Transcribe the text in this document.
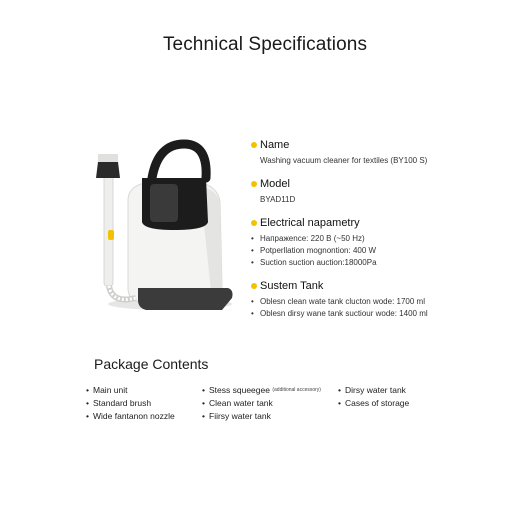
Technical Specifications
Name
Washing vacuum cleaner for textiles (BY100 S)
Model
BYAD11D
Electrical napametry
• Напрaжеnce: 220 B (~50 Hz)
• Potperllation mognontion: 400 W
• Suction suction auction:18000Pa
Sustem Tank
• Oblesn clean wate tank clucton wode: 1700 ml
• Oblesn dirsy wane tank suctiour wode: 1400 ml
Package Contents
• Main unit
• Standard brush
• Wide fantanon nozzle
• Stess squeegee $^{(additional accessory)}$
• Clean water tank
• Fiirsy water tank
• Dirsy water tank
• Cases of storage
